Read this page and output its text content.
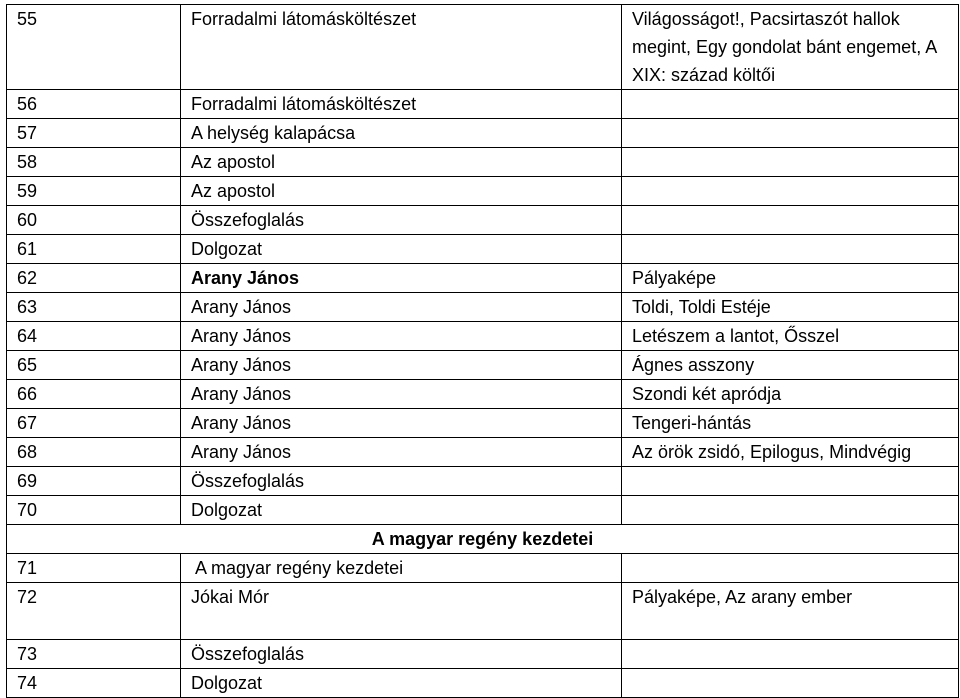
55	Forradalmi látomásköltészet	Világosságot!, Pacsirtaszót hallok megint, Egy gondolat bánt engemet, A XIX: század költői
56	Forradalmi látomásköltészet	
57	A helység kalapácsa	
58	Az apostol	
59	Az apostol	
60	Összefoglalás	
61	Dolgozat	
62	Arany János	Pályaképe
63	Arany János	Toldi, Toldi Estéje
64	Arany János	Letészem a lantot, Ősszel
65	Arany János	Ágnes asszony
66	Arany János	Szondi két apródja
67	Arany János	Tengeri-hántás
68	Arany János	Az örök zsidó, Epilogus, Mindvégig
69	Összefoglalás	
70	Dolgozat	
A magyar regény kezdetei		
71	A magyar regény kezdetei	
72	Jókai Mór	Pályaképe, Az arany ember
73	Összefoglalás	
74	Dolgozat	
